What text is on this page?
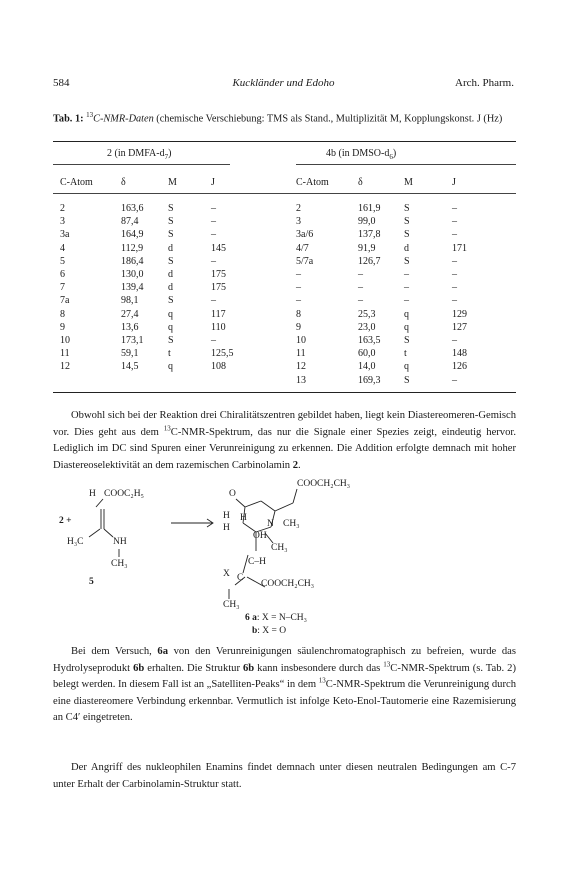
584	Kuckländer und Edoho	Arch. Pharm.
Tab. 1: $^{13}$C-NMR-Daten (chemische Verschiebung: TMS als Stand., Multiplizität M, Kopplungskonst. J (Hz)
2 (in DMFA-$d_7$)	4b (in DMSO-$d_6$)
C-Atom	δ	M	J	C-Atom	δ	M	J
2	163,6 S	–	2	161,9 S	–
3	87,4	S	–	3	99,0	S	–
3a	164,9 S	–	3a/6	137,8 S	–
4	112,9 d	145	4/7	91,9	d	171
5	186,4 S	–	5/7a	126,7 S	–
6	130,0 d	175	–	–	–	–
7	139,4 d	175	–	–	–	–
7a	98,1	S	–	–	–	–	–
8	27,4	q	117	8	25,3	q	129
9	13,6	q	110	9	23,0	q	127
10	173,1 S	–	10	163,5 S	–
11	59,1	t	125,5	11	60,0	t	148
12	14,5	q	108	12	14,0	q	126
13	169,3 S	–

Obwohl sich bei der Reaktion drei Chiralitätszentren gebildet haben, liegt kein Diastereomeren-Gemisch vor. Dies geht aus dem $^{13}$C-NMR-Spektrum, das nur die Signale einer Spezies zeigt, eindeutig hervor. Lediglich im DC sind Spuren einer Verunreinigung zu erkennen. Die Addition erfolgte demnach mit hoher Diastereoselektivität an dem razemischen Carbinolamin 2.

2 +
H COOC₂H₅
H₃C	NH
CH₃
5
O
COOCH₂CH₃
H
H
H
N CH₃
OH
CH₃
C–H
X C
COOCH₂CH₃
CH₃
6 a: X = N–CH₃
b: X = O

Bei dem Versuch, 6a von den Verunreinigungen säulenchromatographisch zu befreien, wurde das Hydrolyseprodukt 6b erhalten. Die Struktur 6b kann insbesondere durch das $^{13}$C-NMR-Spektrum (s. Tab. 2) belegt werden. In diesem Fall ist an „Satelliten-Peaks“ in dem $^{13}$C-NMR-Spektrum die Verunreinigung durch eine diastereomere Verbindung erkennbar. Vermutlich ist infolge Keto-Enol-Tautomerie eine Razemisierung an C4′ eingetreten.

Der Angriff des nukleophilen Enamins findet demnach unter diesen neutralen Bedingungen am C-7 unter Erhalt der Carbinolamin-Struktur statt.
